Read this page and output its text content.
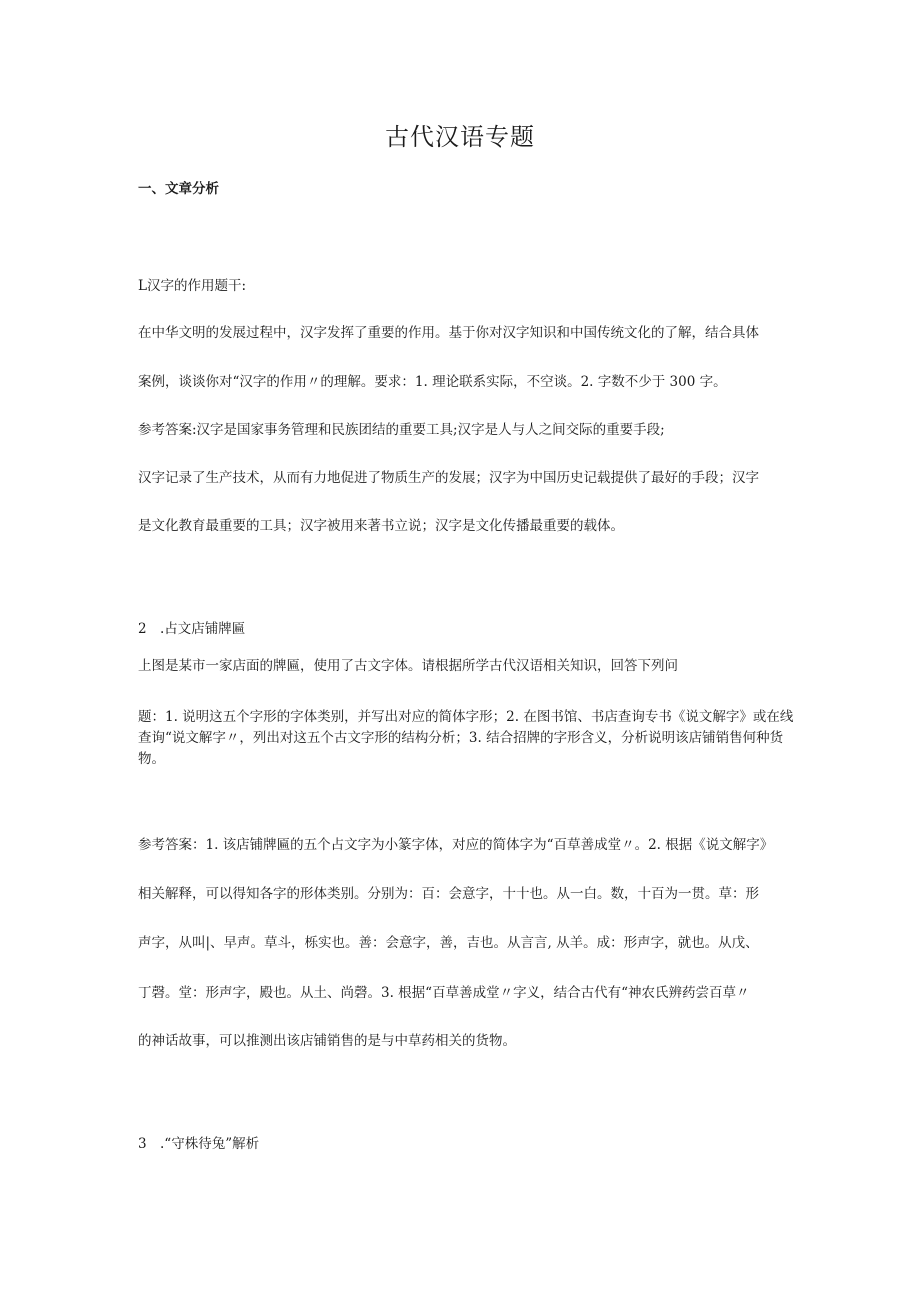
古代汉语专题
一、文章分析
L汉字的作用题干:
在中华文明的发展过程中，汉字发挥了重要的作用。基于你对汉字知识和中国传统文化的了解，结合具体
案例，谈谈你对“汉字的作用〃的理解。要求：1. 理论联系实际，不空谈。2. 字数不少于 300 字。
参考答案:汉字是国家事务管理和民族团结的重要工具;汉字是人与人之间交际的重要手段;
汉字记录了生产技术，从而有力地促进了物质生产的发展；汉字为中国历史记载提供了最好的手段；汉字
是文化教育最重要的工具；汉字被用来著书立说；汉字是文化传播最重要的载体。
2 .占文店铺牌匾
上图是某市一家店面的牌匾，使用了古文字体。请根据所学古代汉语相关知识，回答下列问
题：1. 说明这五个字形的字体类别，并写出对应的简体字形；2. 在图书馆、书店查询专书《说文解字》或在线查询“说文解字〃，列出对这五个古文字形的结构分析；3. 结合招牌的字形含义，分析说明该店铺销售何种货物。
参考答案：1. 该店铺牌匾的五个占文字为小篆字体，对应的简体字为“百草善成堂〃。2. 根据《说文解字》
相关解释，可以得知各字的形体类别。分别为：百：会意字，十十也。从一白。数，十百为一贯。草：形
声字，从叫|、早声。草斗，栎实也。善：会意字，善，吉也。从言言, 从羊。成：形声字，就也。从戊、
丁磬。堂：形声字，殿也。从土、尚磬。3. 根据“百草善成堂〃字义，结合古代有“神农氏辨药尝百草〃
的神话故事，可以推测出该店铺销售的是与中草药相关的货物。
3 .“守株待兔”解析
